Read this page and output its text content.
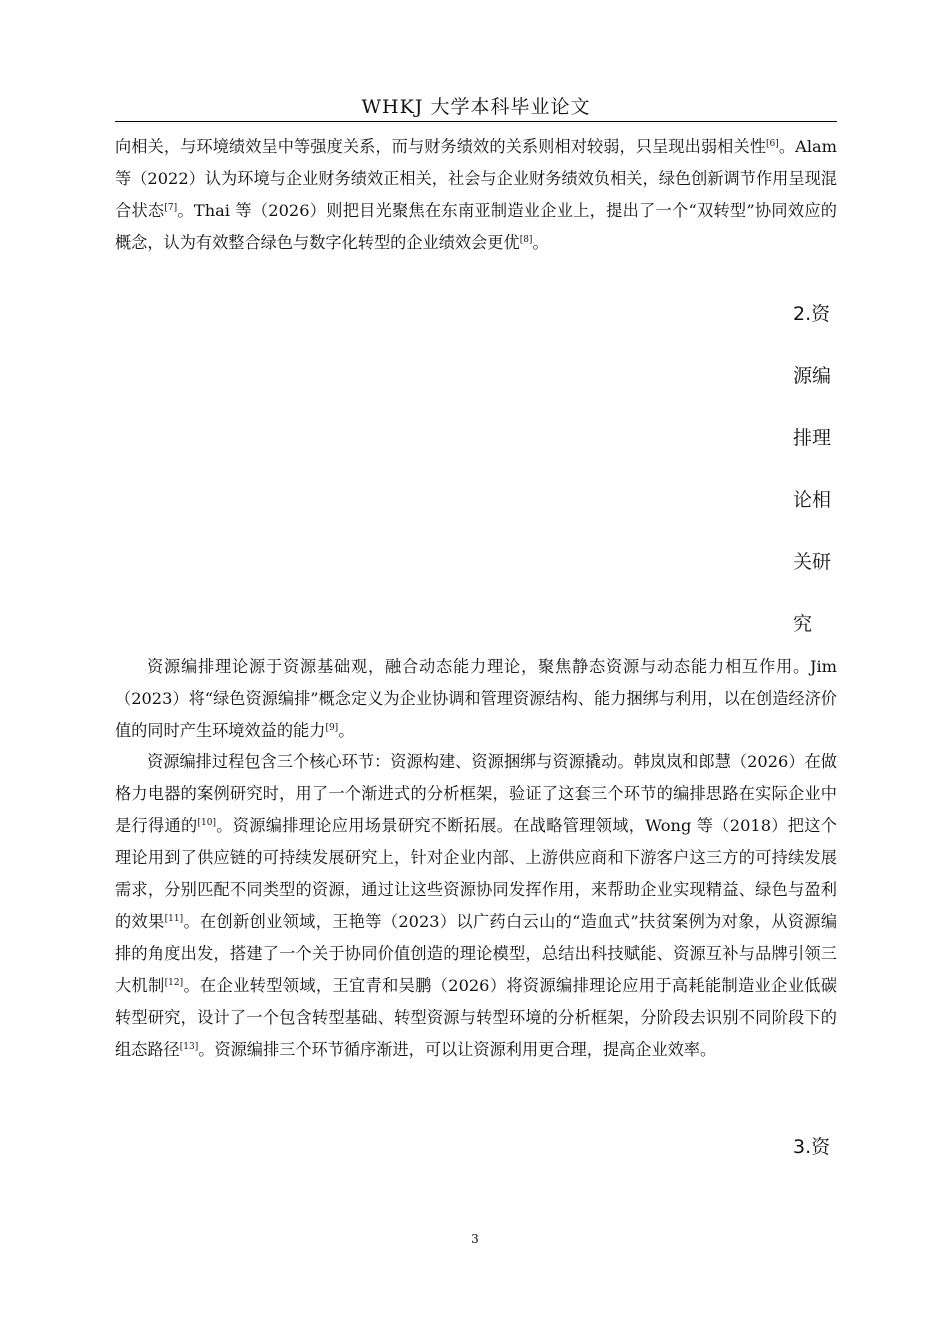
WHKJ 大学本科毕业论文

向相关，与环境绩效呈中等强度关系，而与财务绩效的关系则相对较弱，只呈现出弱相关性[6]。Alam 等（2022）认为环境与企业财务绩效正相关，社会与企业财务绩效负相关，绿色创新调节作用呈现混合状态[7]。Thai 等（2026）则把目光聚焦在东南亚制造业企业上，提出了一个“双转型”协同效应的概念，认为有效整合绿色与数字化转型的企业绩效会更优[8]。

2.资
源编
排理
论相
关研
究

资源编排理论源于资源基础观，融合动态能力理论，聚焦静态资源与动态能力相互作用。Jim（2023）将“绿色资源编排”概念定义为企业协调和管理资源结构、能力捆绑与利用，以在创造经济价值的同时产生环境效益的能力[9]。

资源编排过程包含三个核心环节：资源构建、资源捆绑与资源撬动。韩岚岚和郎慧（2026）在做格力电器的案例研究时，用了一个渐进式的分析框架，验证了这套三个环节的编排思路在实际企业中是行得通的[10]。资源编排理论应用场景研究不断拓展。在战略管理领域，Wong 等（2018）把这个理论用到了供应链的可持续发展研究上，针对企业内部、上游供应商和下游客户这三方的可持续发展需求，分别匹配不同类型的资源，通过让这些资源协同发挥作用，来帮助企业实现精益、绿色与盈利的效果[11]。在创新创业领域，王艳等（2023）以广药白云山的“造血式”扶贫案例为对象，从资源编排的角度出发，搭建了一个关于协同价值创造的理论模型，总结出科技赋能、资源互补与品牌引领三大机制[12]。在企业转型领域，王宜青和吴鹏（2026）将资源编排理论应用于高耗能制造业企业低碳转型研究，设计了一个包含转型基础、转型资源与转型环境的分析框架，分阶段去识别不同阶段下的组态路径[13]。资源编排三个环节循序渐进，可以让资源利用更合理，提高企业效率。

3.资
3
